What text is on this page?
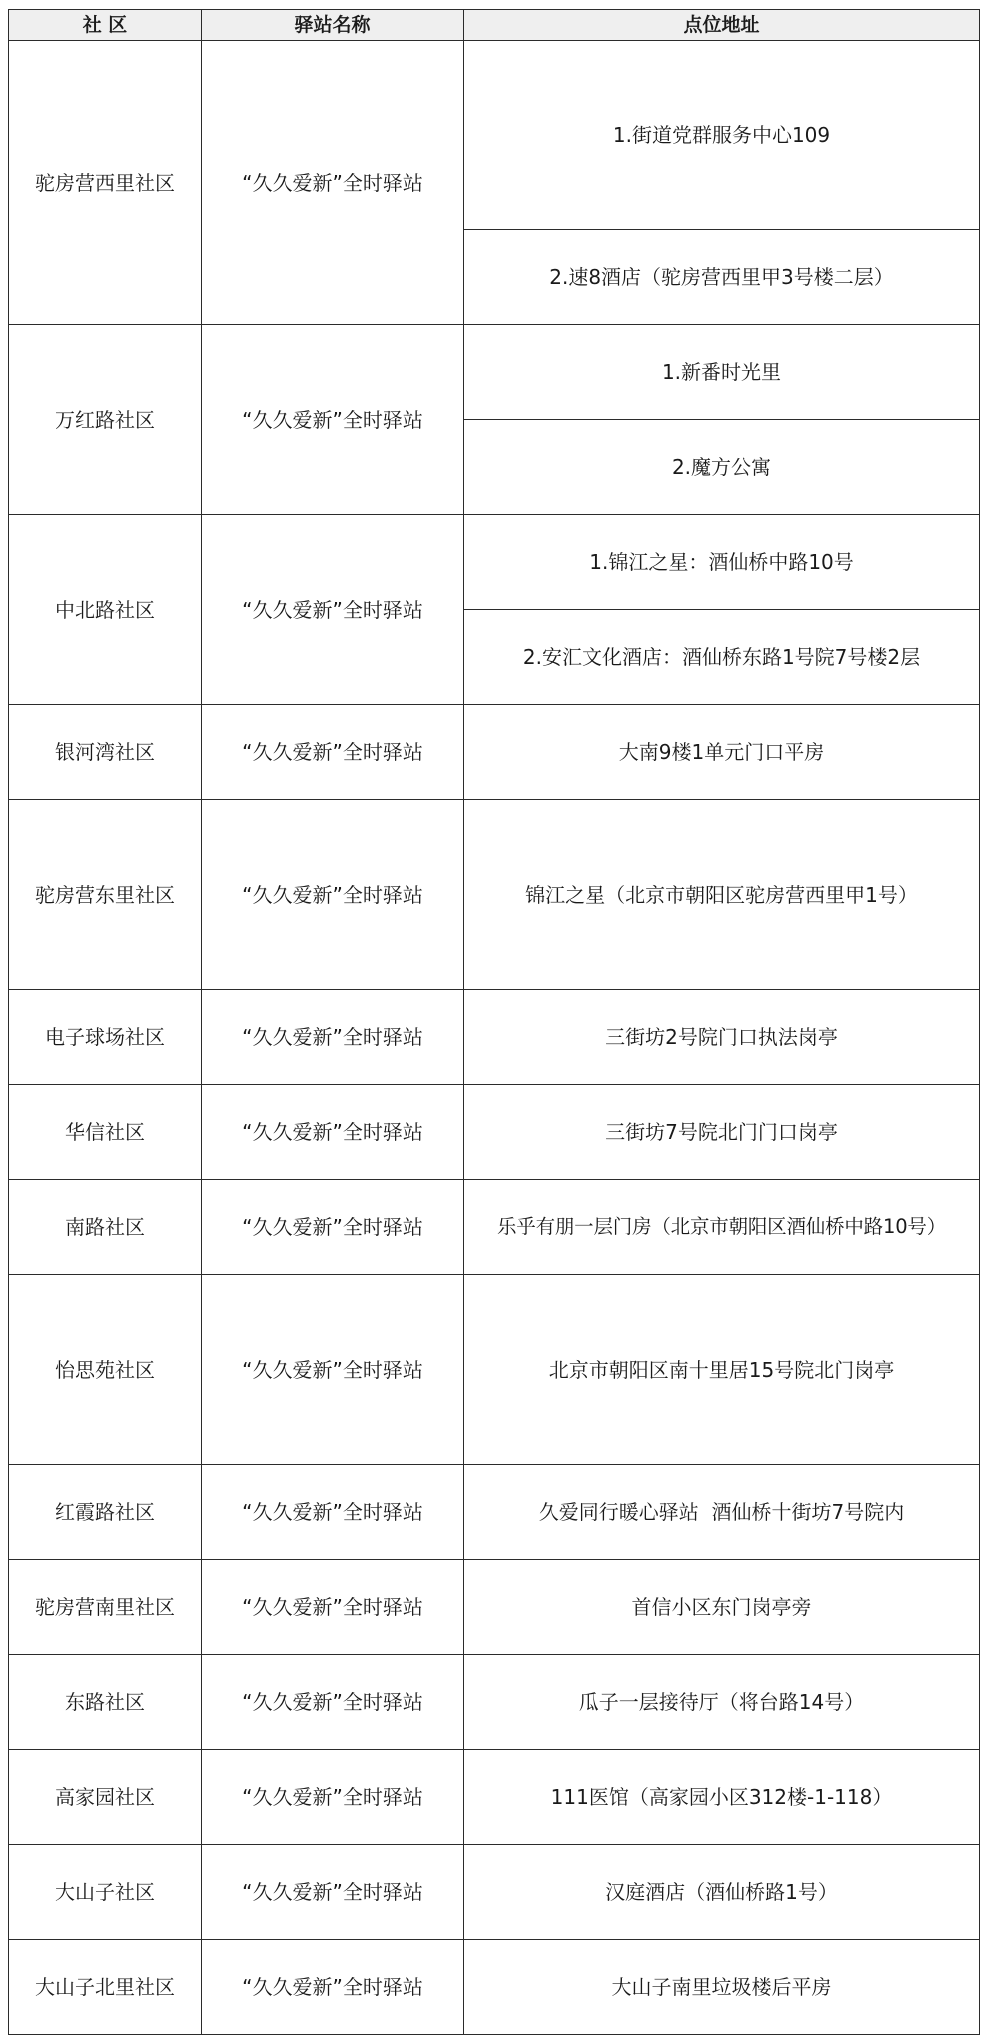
社 区	驿站名称	点位地址
驼房营西里社区	“久久爱新”全时驿站	1.街道党群服务中心109
		2.速8酒店（驼房营西里甲3号楼二层）
万红路社区	“久久爱新”全时驿站	1.新番时光里
		2.魔方公寓
中北路社区	“久久爱新”全时驿站	1.锦江之星：酒仙桥中路10号
		2.安汇文化酒店：酒仙桥东路1号院7号楼2层
银河湾社区	“久久爱新”全时驿站	大南9楼1单元门口平房
驼房营东里社区	“久久爱新”全时驿站	锦江之星（北京市朝阳区驼房营西里甲1号）
电子球场社区	“久久爱新”全时驿站	三街坊2号院门口执法岗亭
华信社区	“久久爱新”全时驿站	三街坊7号院北门门口岗亭
南路社区	“久久爱新”全时驿站	乐乎有朋一层门房（北京市朝阳区酒仙桥中路10号）
怡思苑社区	“久久爱新”全时驿站	北京市朝阳区南十里居15号院北门岗亭
红霞路社区	“久久爱新”全时驿站	久爱同行暖心驿站  酒仙桥十街坊7号院内
驼房营南里社区	“久久爱新”全时驿站	首信小区东门岗亭旁
东路社区	“久久爱新”全时驿站	瓜子一层接待厅（将台路14号）
高家园社区	“久久爱新”全时驿站	111医馆（高家园小区312楼-1-118）
大山子社区	“久久爱新”全时驿站	汉庭酒店（酒仙桥路1号）
大山子北里社区	“久久爱新”全时驿站	大山子南里垃圾楼后平房
